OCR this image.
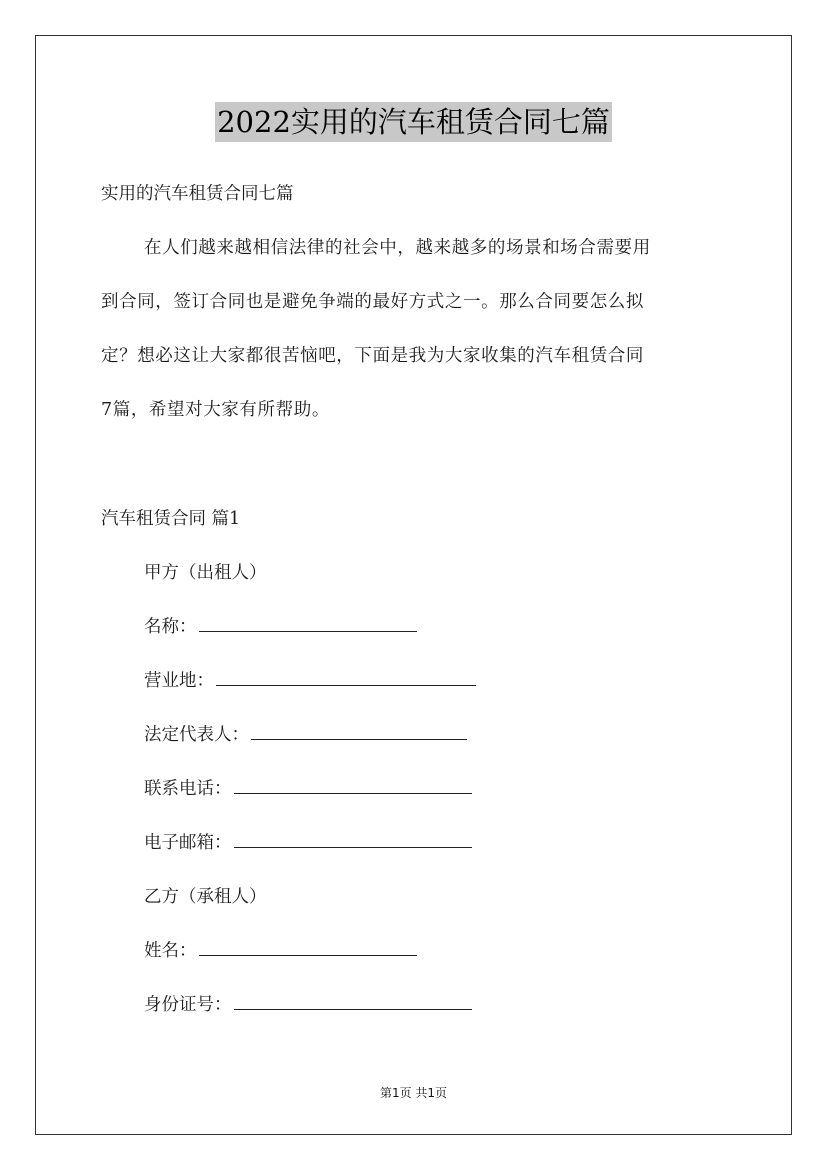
2022实用的汽车租赁合同七篇
实用的汽车租赁合同七篇
在人们越来越相信法律的社会中，越来越多的场景和场合需要用
到合同，签订合同也是避免争端的最好方式之一。那么合同要怎么拟
定？想必这让大家都很苦恼吧，下面是我为大家收集的汽车租赁合同
7篇，希望对大家有所帮助。
汽车租赁合同 篇1
甲方（出租人）
名称：
营业地：
法定代表人：
联系电话：
电子邮箱：
乙方（承租人）
姓名：
身份证号：
第1页 共1页
